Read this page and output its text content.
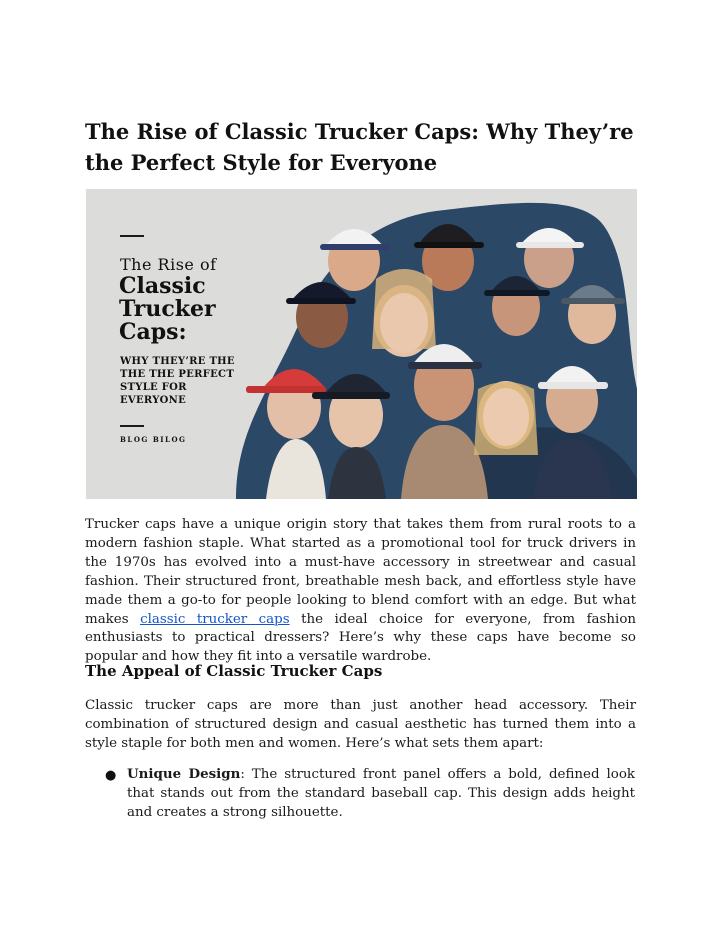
The Rise of Classic Trucker Caps: Why They’re the Perfect Style for Everyone
The Rise of
Classic
Trucker
Caps:
WHY THEY’RE THE
THE THE PERFECT
STYLE FOR
EVERYONE
BLOG BILOG

Trucker caps have a unique origin story that takes them from rural roots to a modern fashion staple. What started as a promotional tool for truck drivers in the 1970s has evolved into a must-have accessory in streetwear and casual fashion. Their structured front, breathable mesh back, and effortless style have made them a go-to for people looking to blend comfort with an edge. But what makes classic trucker caps the ideal choice for everyone, from fashion enthusiasts to practical dressers? Here’s why these caps have become so popular and how they fit into a versatile wardrobe.

The Appeal of Classic Trucker Caps

Classic trucker caps are more than just another head accessory. Their combination of structured design and casual aesthetic has turned them into a style staple for both men and women. Here’s what sets them apart:

● Unique Design: The structured front panel offers a bold, defined look that stands out from the standard baseball cap. This design adds height and creates a strong silhouette.
